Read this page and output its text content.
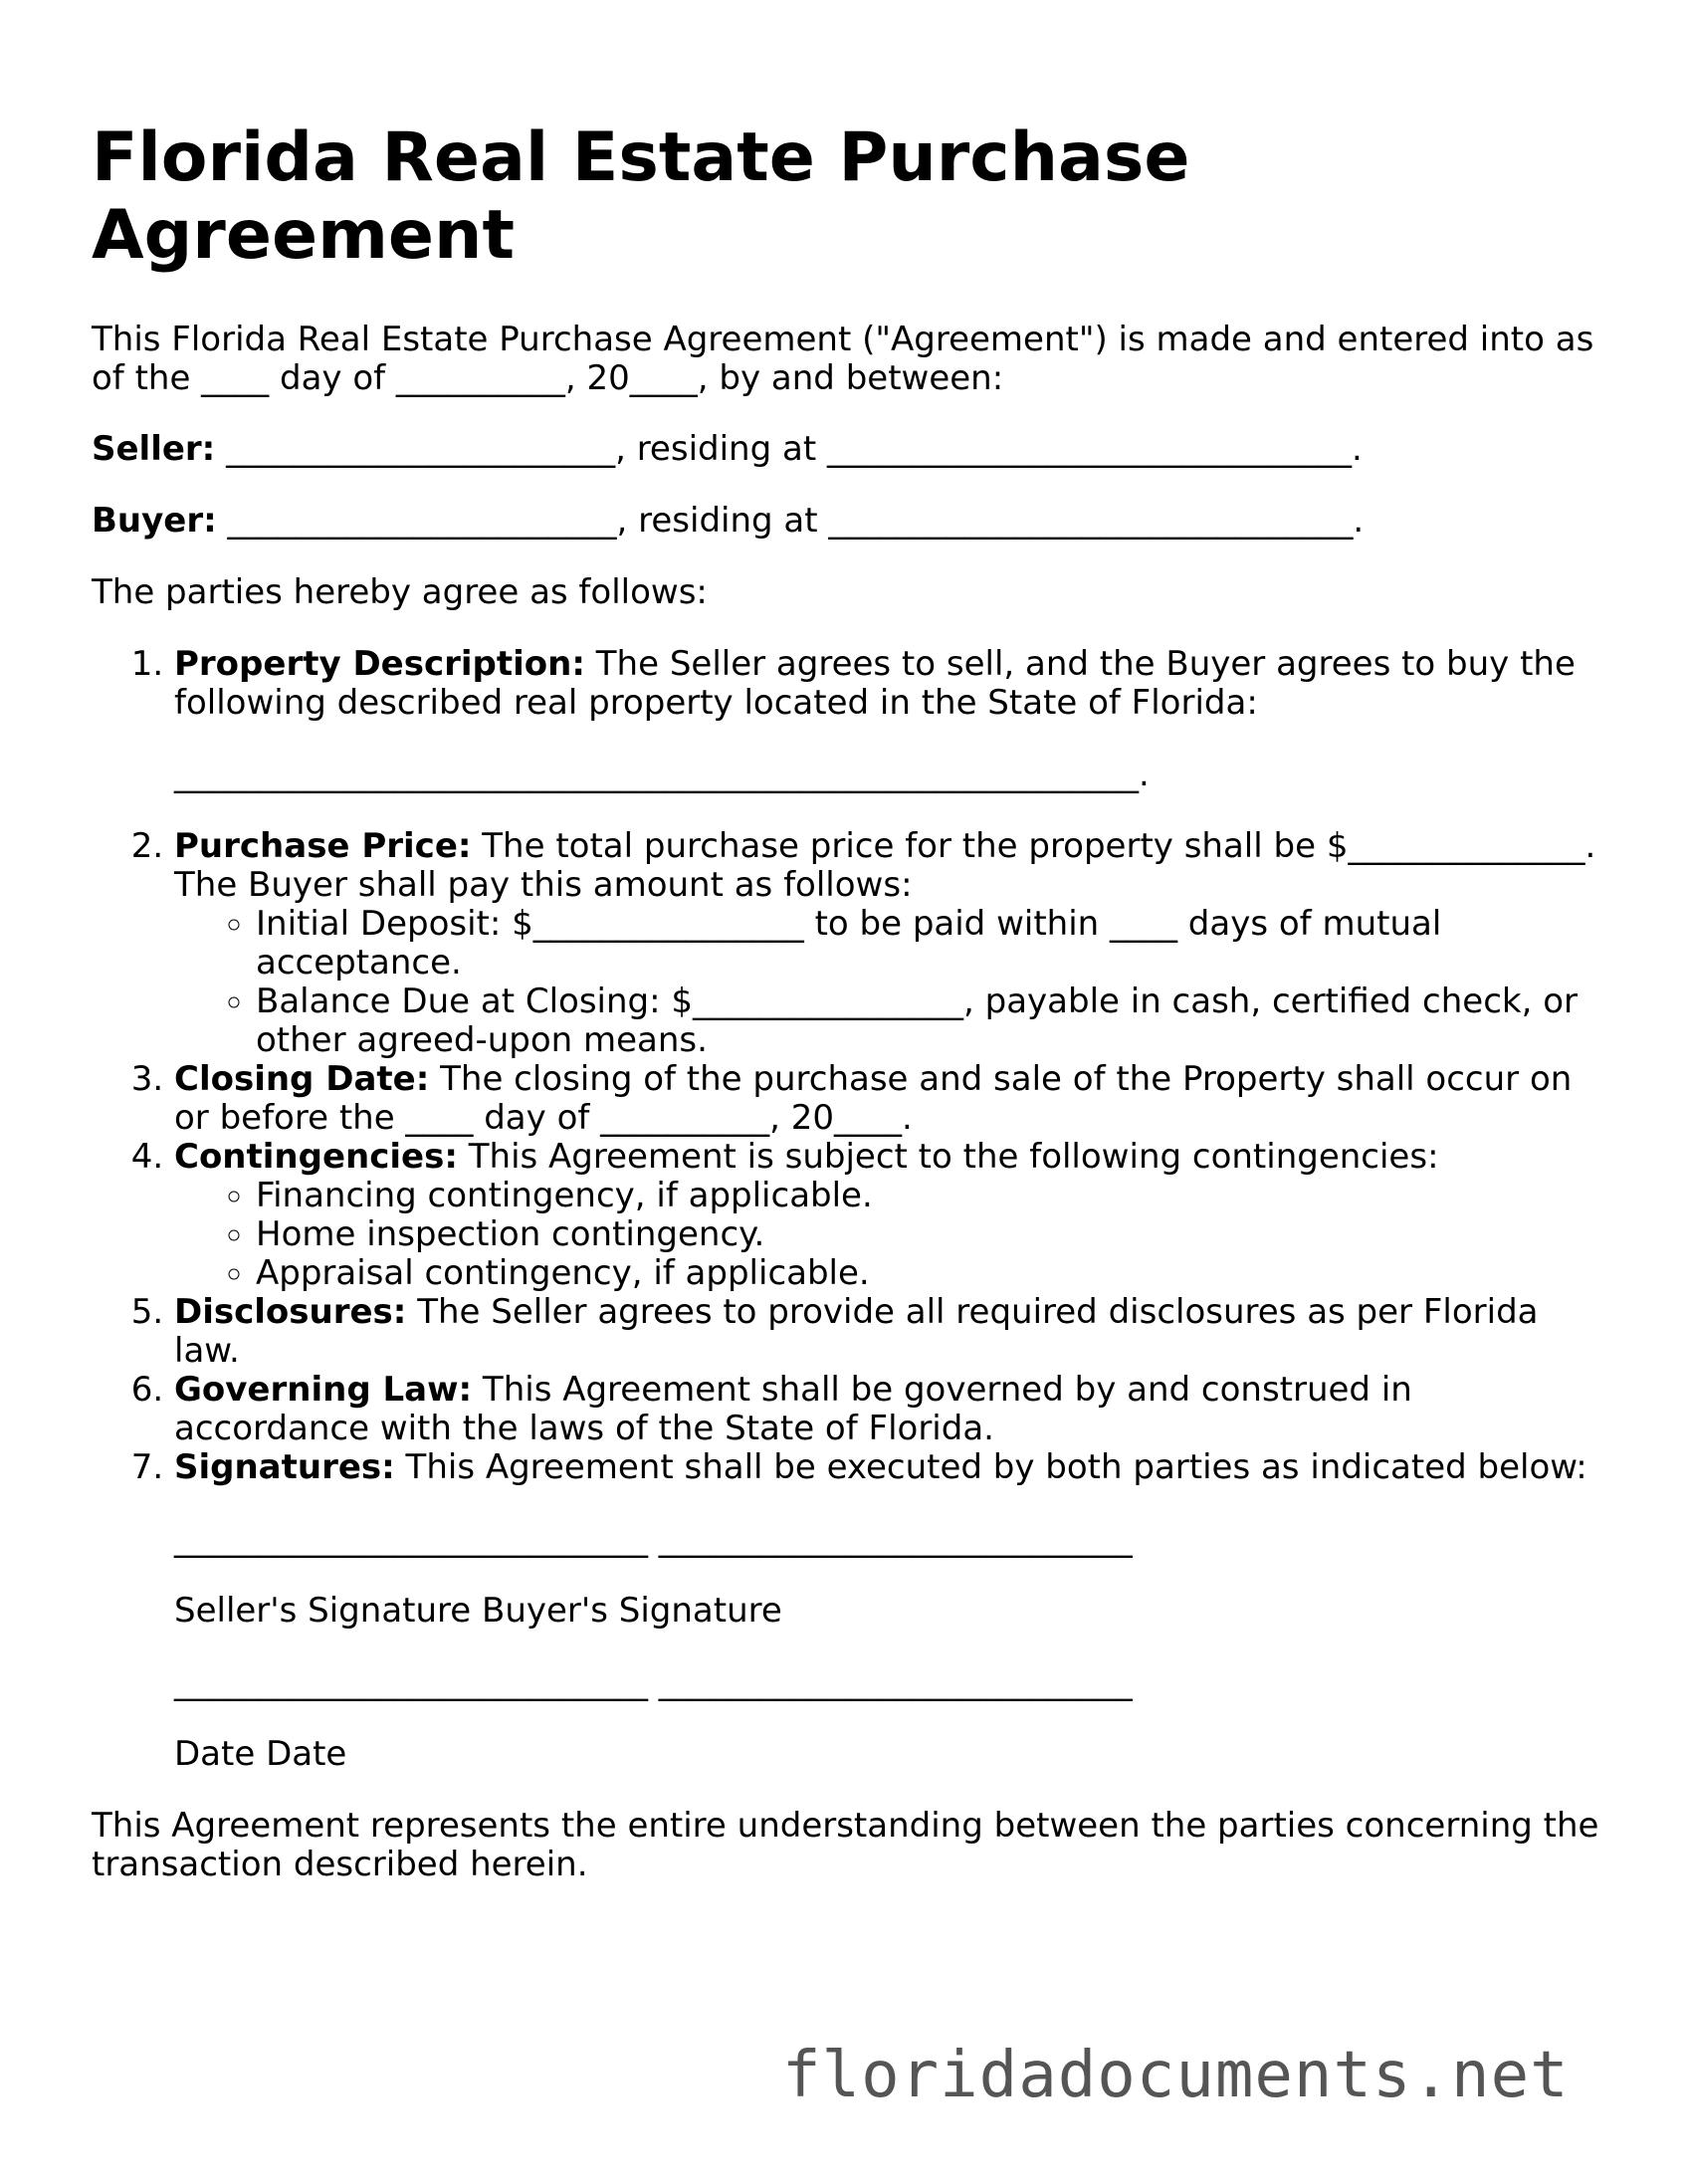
Florida Real Estate Purchase Agreement

This Florida Real Estate Purchase Agreement ("Agreement") is made and entered into as of the ____ day of __________, 20____, by and between:

Seller: _______________________, residing at _______________________________.

Buyer: _______________________, residing at _______________________________.

The parties hereby agree as follows:

1. Property Description: The Seller agrees to sell, and the Buyer agrees to buy the following described real property located in the State of Florida:
_________________________________________________________.
2. Purchase Price: The total purchase price for the property shall be $______________. The Buyer shall pay this amount as follows:
◦ Initial Deposit: $________________ to be paid within ____ days of mutual acceptance.
◦ Balance Due at Closing: $________________, payable in cash, certified check, or other agreed-upon means.
3. Closing Date: The closing of the purchase and sale of the Property shall occur on or before the ____ day of __________, 20____.
4. Contingencies: This Agreement is subject to the following contingencies:
◦ Financing contingency, if applicable.
◦ Home inspection contingency.
◦ Appraisal contingency, if applicable.
5. Disclosures: The Seller agrees to provide all required disclosures as per Florida law.
6. Governing Law: This Agreement shall be governed by and construed in accordance with the laws of the State of Florida.
7. Signatures: This Agreement shall be executed by both parties as indicated below:
____________________________ ____________________________
Seller's Signature Buyer's Signature
____________________________ ____________________________
Date Date

This Agreement represents the entire understanding between the parties concerning the transaction described herein.

floridadocuments.net
